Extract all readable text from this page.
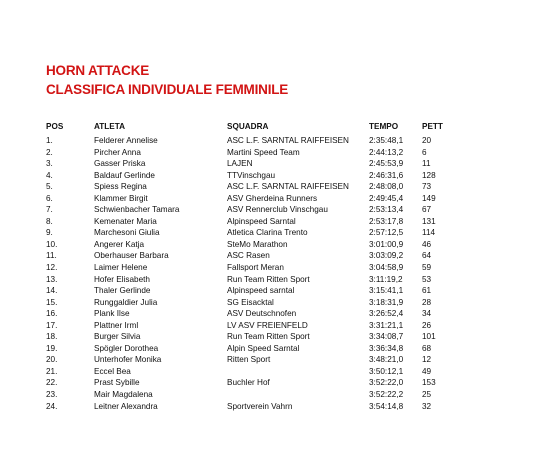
HORN ATTACKE
CLASSIFICA INDIVIDUALE FEMMINILE
POS	ATLETA	SQUADRA	TEMPO	PETT
1.	Felderer Annelise	ASC L.F. SARNTAL RAIFFEISEN	2:35:48,1	20
2.	Pircher Anna	Martini Speed Team	2:44:13,2	6
3.	Gasser Priska	LAJEN	2:45:53,9	11
4.	Baldauf Gerlinde	TTVinschgau	2:46:31,6	128
5.	Spiess Regina	ASC L.F. SARNTAL RAIFFEISEN	2:48:08,0	73
6.	Klammer Birgit	ASV Gherdeina Runners	2:49:45,4	149
7.	Schwienbacher Tamara	ASV Rennerclub Vinschgau	2:53:13,4	67
8.	Kemenater Maria	Alpinspeed Sarntal	2:53:17,8	131
9.	Marchesoni Giulia	Atletica Clarina Trento	2:57:12,5	114
10.	Angerer Katja	SteMo Marathon	3:01:00,9	46
11.	Oberhauser Barbara	ASC Rasen	3:03:09,2	64
12.	Laimer Helene	Fallsport Meran	3:04:58,9	59
13.	Hofer Elisabeth	Run Team Ritten Sport	3:11:19,2	53
14.	Thaler Gerlinde	Alpinspeed sarntal	3:15:41,1	61
15.	Runggaldier Julia	SG Eisacktal	3:18:31,9	28
16.	Plank Ilse	ASV Deutschnofen	3:26:52,4	34
17.	Plattner Irml	LV ASV FREIENFELD	3:31:21,1	26
18.	Burger Silvia	Run Team Ritten Sport	3:34:08,7	101
19.	Spögler Dorothea	Alpin Speed Sarntal	3:36:34,8	68
20.	Unterhofer Monika	Ritten Sport	3:48:21,0	12
21.	Eccel Bea		3:50:12,1	49
22.	Prast Sybille	Buchler Hof	3:52:22,0	153
23.	Mair Magdalena		3:52:22,2	25
24.	Leitner Alexandra	Sportverein Vahrn	3:54:14,8	32
